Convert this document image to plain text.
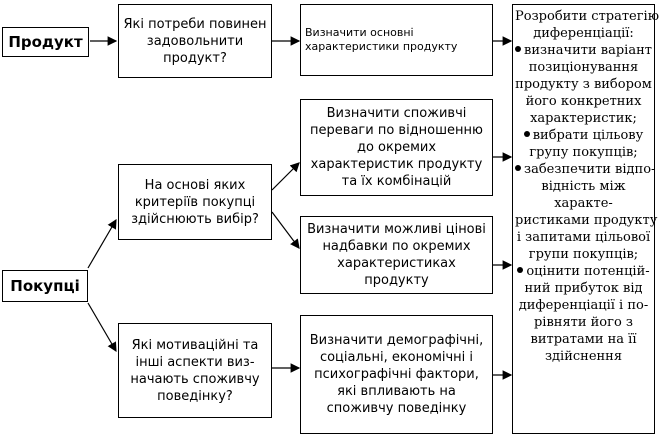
Продукт
Покупці
Які потреби повинен задовольнити продукт?
Визначити основні характеристики продукту
На основі яких критеріїв покупці здійснюють вибір?
Які мотиваційні та інші аспекти виз-начають споживчу поведінку?
Визначити споживчі переваги по відношенню до окремих характеристик продукту та їх комбінацій
Визначити можливі цінові надбавки по окремих характеристиках продукту
Визначити демографічні, соціальні, економічні і психографічні фактори, які впливають на споживчу поведінку
Розробити стратегію
диференціації:
визначити варіант
позиціонування
продукту з вибором
його конкретних
характеристик;
вибрати цільову
групу покупців;
забезпечити відпо-
відність між
характе-
ристиками продукту
і запитами цільової
групи покупців;
оцінити потенцій-
ний прибуток від
диференціації і по-
рівняти його з
витратами на її
здійснення
